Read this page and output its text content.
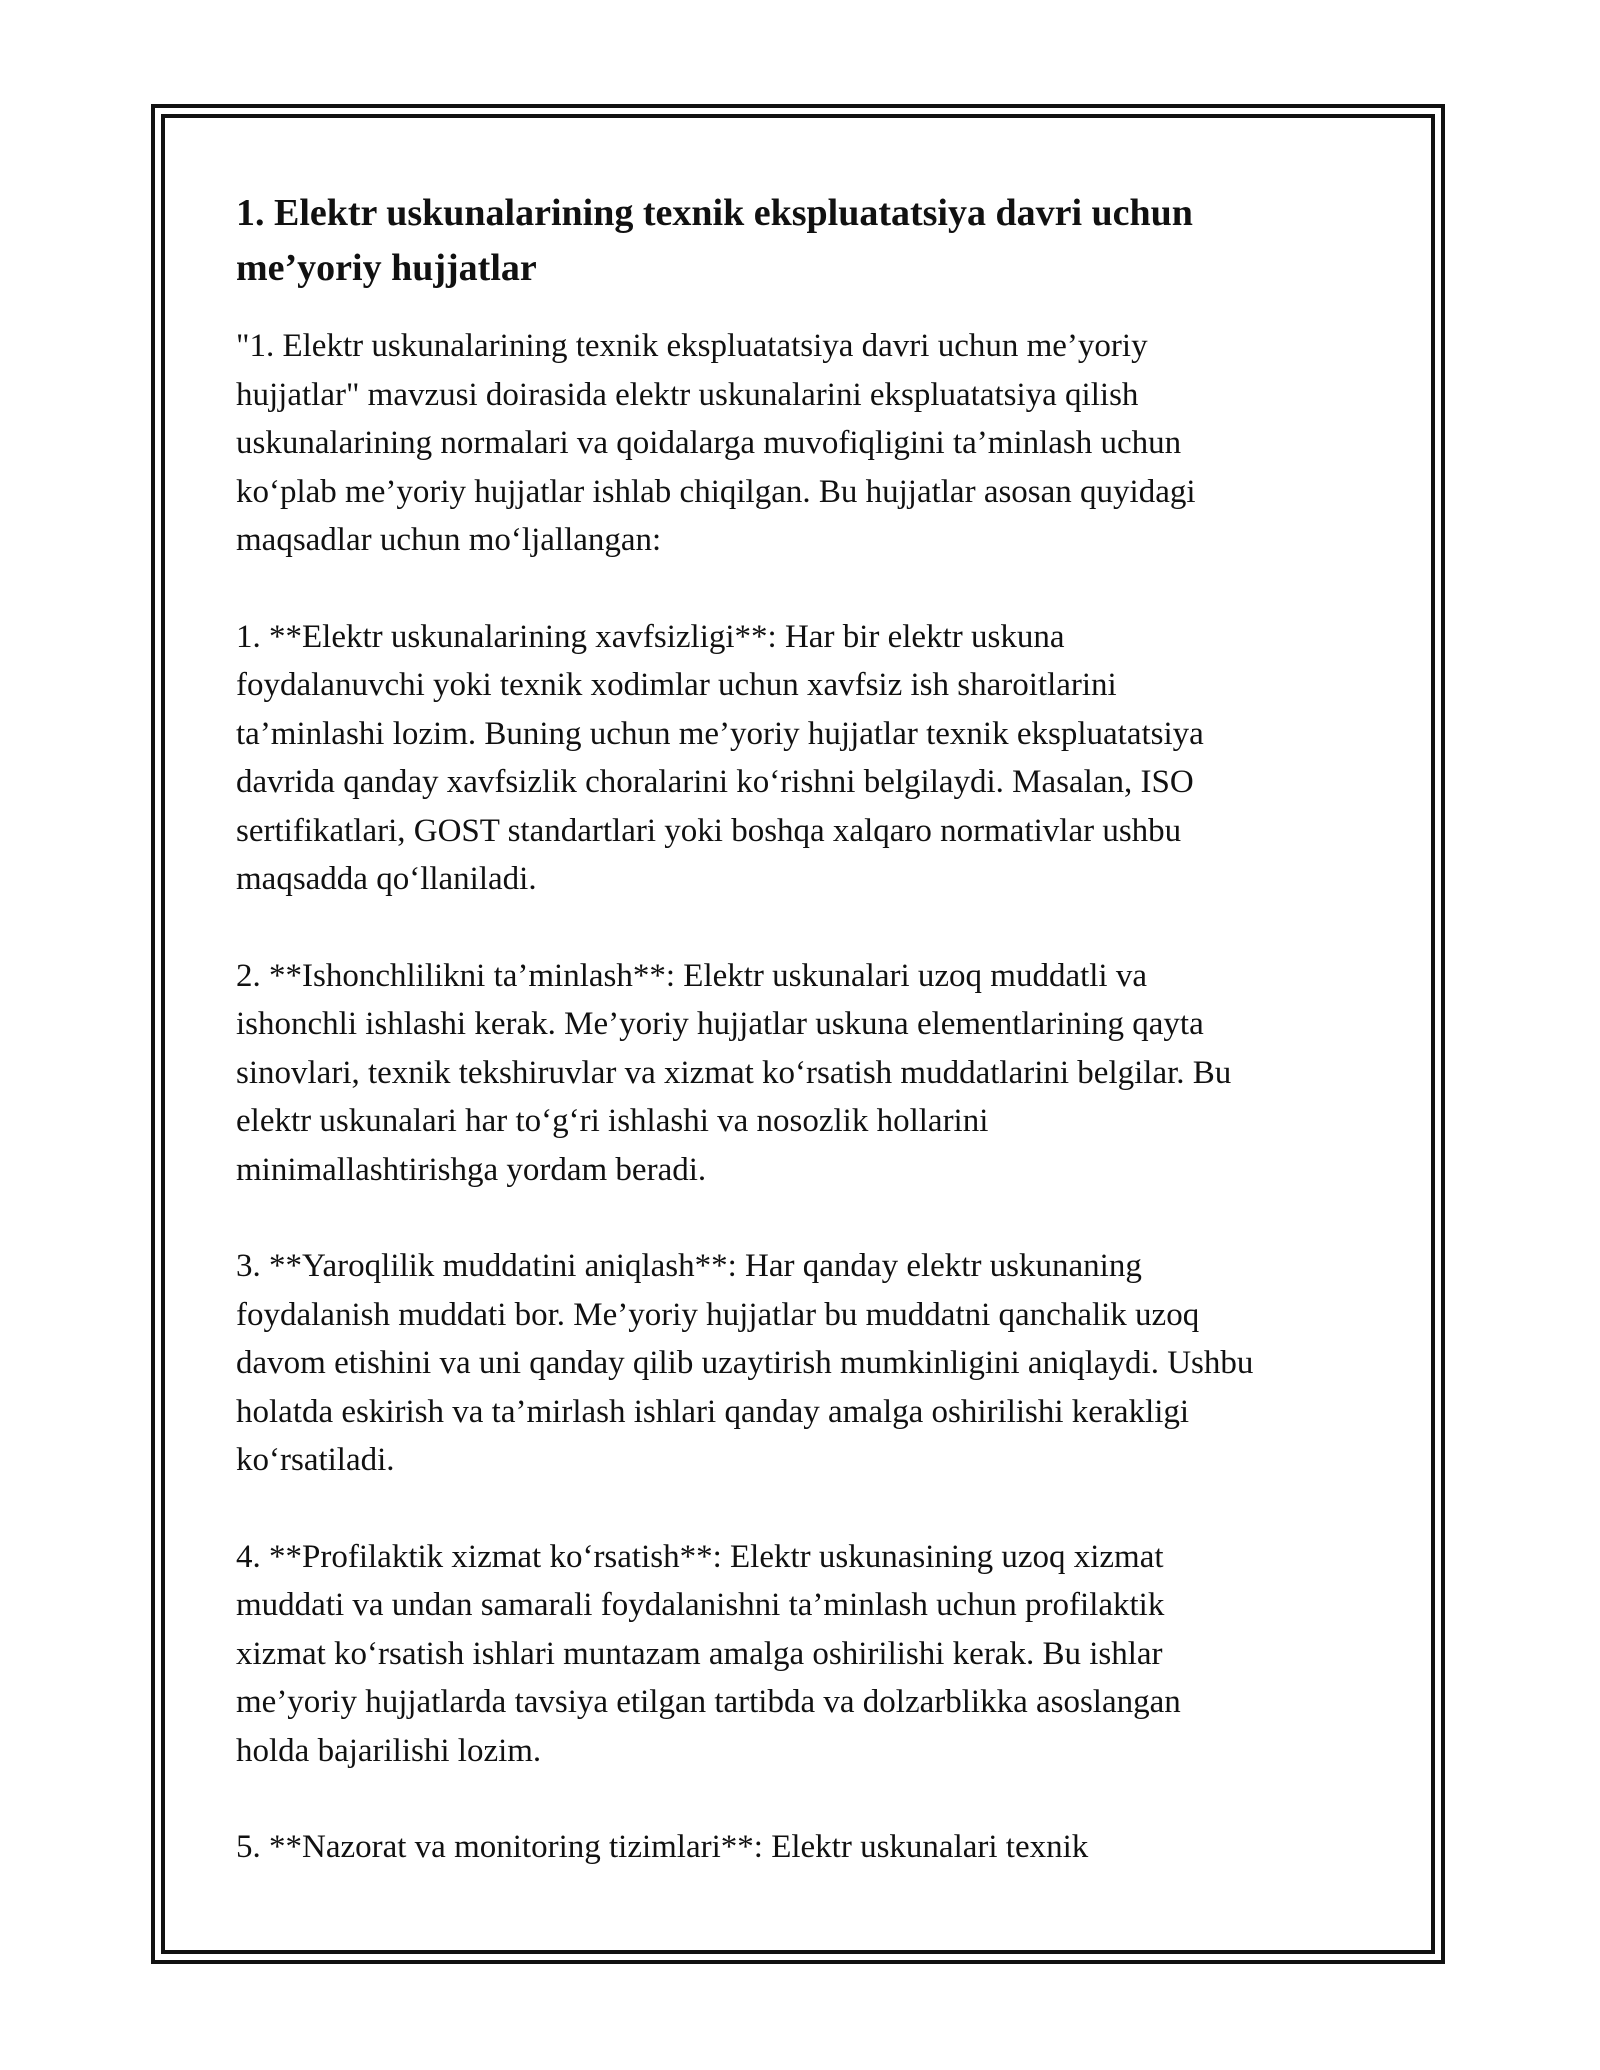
1. Elektr uskunalarining texnik ekspluatatsiya davri uchun
me’yoriy hujjatlar

"1. Elektr uskunalarining texnik ekspluatatsiya davri uchun me’yoriy
hujjatlar" mavzusi doirasida elektr uskunalarini ekspluatatsiya qilish
uskunalarining normalari va qoidalarga muvofiqligini ta’minlash uchun
ko‘plab me’yoriy hujjatlar ishlab chiqilgan. Bu hujjatlar asosan quyidagi
maqsadlar uchun mo‘ljallangan:

1. **Elektr uskunalarining xavfsizligi**: Har bir elektr uskuna
foydalanuvchi yoki texnik xodimlar uchun xavfsiz ish sharoitlarini
ta’minlashi lozim. Buning uchun me’yoriy hujjatlar texnik ekspluatatsiya
davrida qanday xavfsizlik choralarini ko‘rishni belgilaydi. Masalan, ISO
sertifikatlari, GOST standartlari yoki boshqa xalqaro normativlar ushbu
maqsadda qo‘llaniladi.

2. **Ishonchlilikni ta’minlash**: Elektr uskunalari uzoq muddatli va
ishonchli ishlashi kerak. Me’yoriy hujjatlar uskuna elementlarining qayta
sinovlari, texnik tekshiruvlar va xizmat ko‘rsatish muddatlarini belgilar. Bu
elektr uskunalari har to‘g‘ri ishlashi va nosozlik hollarini
minimallashtirishga yordam beradi.

3. **Yaroqlilik muddatini aniqlash**: Har qanday elektr uskunaning
foydalanish muddati bor. Me’yoriy hujjatlar bu muddatni qanchalik uzoq
davom etishini va uni qanday qilib uzaytirish mumkinligini aniqlaydi. Ushbu
holatda eskirish va ta’mirlash ishlari qanday amalga oshirilishi kerakligi
ko‘rsatiladi.

4. **Profilaktik xizmat ko‘rsatish**: Elektr uskunasining uzoq xizmat
muddati va undan samarali foydalanishni ta’minlash uchun profilaktik
xizmat ko‘rsatish ishlari muntazam amalga oshirilishi kerak. Bu ishlar
me’yoriy hujjatlarda tavsiya etilgan tartibda va dolzarblikka asoslangan
holda bajarilishi lozim.

5. **Nazorat va monitoring tizimlari**: Elektr uskunalari texnik
